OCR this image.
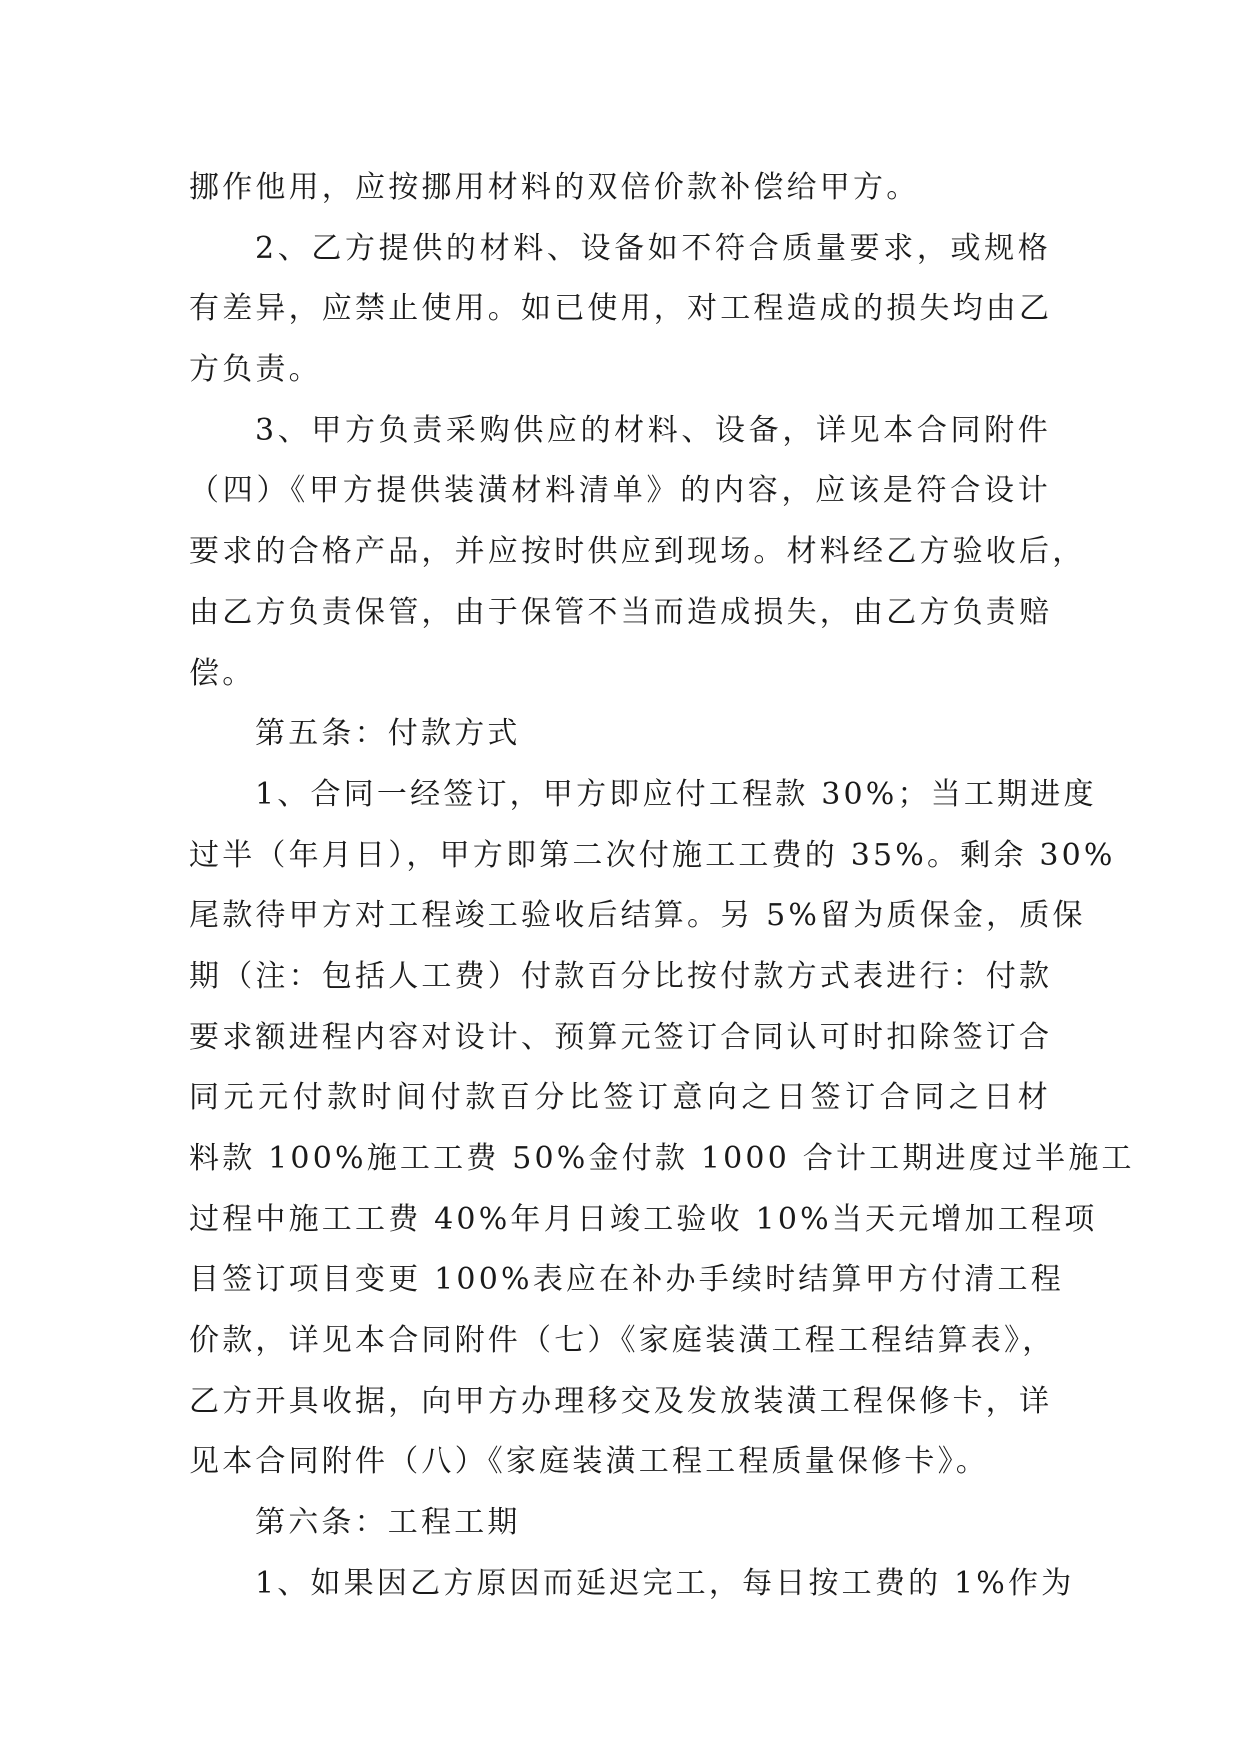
挪作他用，应按挪用材料的双倍价款补偿给甲方。
2、乙方提供的材料、设备如不符合质量要求，或规格
有差异，应禁止使用。如已使用，对工程造成的损失均由乙
方负责。
3、甲方负责采购供应的材料、设备，详见本合同附件
（四）《甲方提供装潢材料清单》的内容，应该是符合设计
要求的合格产品，并应按时供应到现场。材料经乙方验收后，
由乙方负责保管，由于保管不当而造成损失，由乙方负责赔
偿。
第五条：付款方式
1、合同一经签订，甲方即应付工程款 30%；当工期进度
过半（年月日），甲方即第二次付施工工费的 35%。剩余 30%
尾款待甲方对工程竣工验收后结算。另 5%留为质保金，质保
期（注：包括人工费）付款百分比按付款方式表进行：付款
要求额进程内容对设计、预算元签订合同认可时扣除签订合
同元元付款时间付款百分比签订意向之日签订合同之日材
料款 100%施工工费 50%金付款 1000 合计工期进度过半施工
过程中施工工费 40%年月日竣工验收 10%当天元增加工程项
目签订项目变更 100%表应在补办手续时结算甲方付清工程
价款，详见本合同附件（七）《家庭装潢工程工程结算表》，
乙方开具收据，向甲方办理移交及发放装潢工程保修卡，详
见本合同附件（八）《家庭装潢工程工程质量保修卡》。
第六条：工程工期
1、如果因乙方原因而延迟完工，每日按工费的 1%作为
